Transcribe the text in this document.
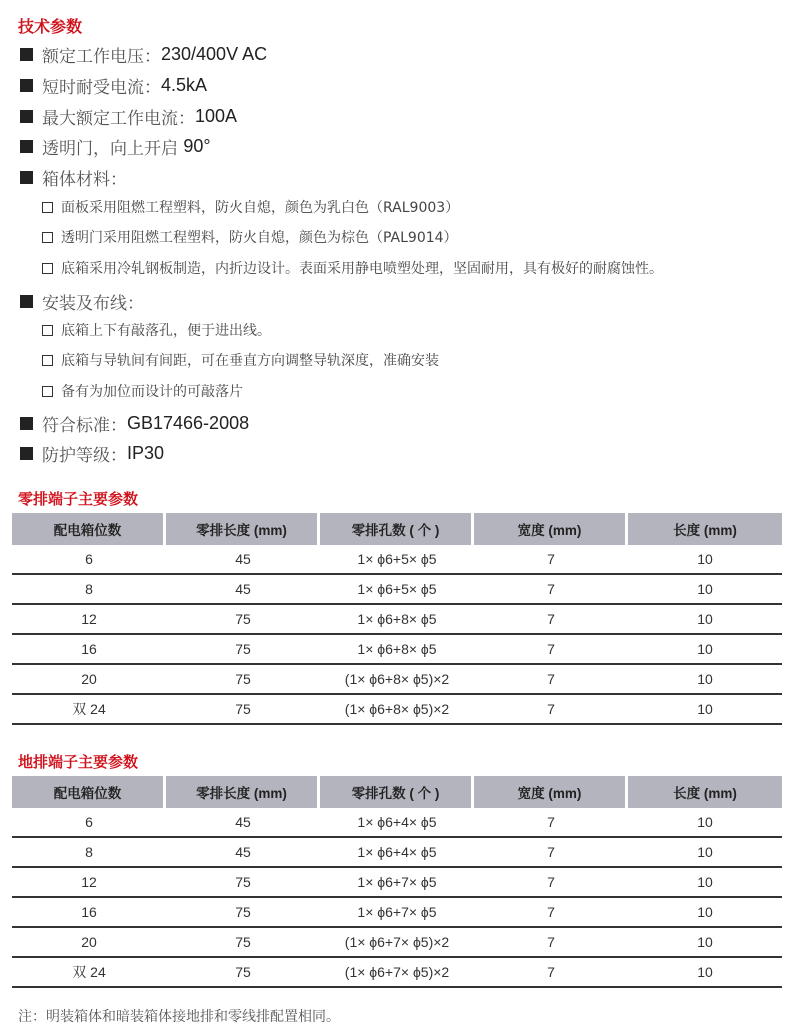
技术参数
额定工作电压： 230/400V AC
短时耐受电流： 4.5kA
最大额定工作电流： 100A
透明门，向上开启
90°
箱体材料：
面板采用阻燃工程塑料，防火自熄，颜色为乳白色（RAL9003）
透明门采用阻燃工程塑料，防火自熄，颜色为棕色（PAL9014）
底箱采用冷轧钢板制造，内折边设计。表面采用静电喷塑处理，坚固耐用，具有极好的耐腐蚀性。
安装及布线：
底箱上下有敲落孔，便于进出线。
底箱与导轨间有间距，可在垂直方向调整导轨深度，准确安装
备有为加位而设计的可敲落片
符合标准： GB17466-2008
防护等级： IP30
零排端子主要参数
配电箱位数	零排长度 (mm)	零排孔数 ( 个 )	宽度 (mm)	长度 (mm)
6	45	1× ϕ6+5× ϕ5	7	10
8	45	1× ϕ6+5× ϕ5	7	10
12	75	1× ϕ6+8× ϕ5	7	10
16	75	1× ϕ6+8× ϕ5	7	10
20	75	(1× ϕ6+8× ϕ5)×2	7	10
双 24	75	(1× ϕ6+8× ϕ5)×2	7	10
地排端子主要参数
配电箱位数	零排长度 (mm)	零排孔数 ( 个 )	宽度 (mm)	长度 (mm)
6	45	1× ϕ6+4× ϕ5	7	10
8	45	1× ϕ6+4× ϕ5	7	10
12	75	1× ϕ6+7× ϕ5	7	10
16	75	1× ϕ6+7× ϕ5	7	10
20	75	(1× ϕ6+7× ϕ5)×2	7	10
双 24	75	(1× ϕ6+7× ϕ5)×2	7	10
注：明装箱体和暗装箱体接地排和零线排配置相同。
